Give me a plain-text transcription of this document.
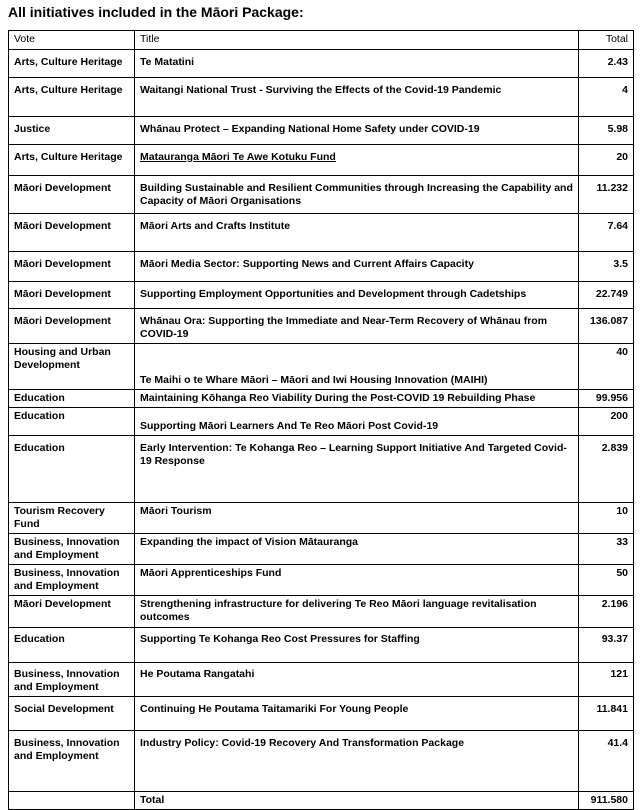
All initiatives included in the Māori Package:
Vote	Title	Total
Arts, Culture Heritage	Te Matatini	2.43
Arts, Culture Heritage	Waitangi National Trust - Surviving the Effects of the Covid-19 Pandemic	4
Justice	Whānau Protect – Expanding National Home Safety under COVID-19	5.98
Arts, Culture Heritage	Matauranga Māori Te Awe Kotuku Fund	20
Māori Development	Building Sustainable and Resilient Communities through Increasing the Capability and Capacity of Māori Organisations	11.232
Māori Development	Māori Arts and Crafts Institute	7.64
Māori Development	Māori Media Sector: Supporting News and Current Affairs Capacity	3.5
Māori Development	Supporting Employment Opportunities and Development through Cadetships	22.749
Māori Development	Whānau Ora: Supporting the Immediate and Near-Term Recovery of Whānau from COVID-19	136.087
Housing and Urban Development	Te Maihi o te Whare Māori – Māori and Iwi Housing Innovation (MAIHI)	40
Education	Maintaining Kōhanga Reo Viability During the Post-COVID 19 Rebuilding Phase	99.956
Education	Supporting Māori Learners And Te Reo Māori Post Covid-19	200
Education	Early Intervention: Te Kohanga Reo – Learning Support Initiative And Targeted Covid-19 Response	2.839
Tourism Recovery Fund	Māori Tourism	10
Business, Innovation and Employment	Expanding the impact of Vision Mātauranga	33
Business, Innovation and Employment	Māori Apprenticeships Fund	50
Māori Development	Strengthening infrastructure for delivering Te Reo Māori language revitalisation outcomes	2.196
Education	Supporting Te Kohanga Reo Cost Pressures for Staffing	93.37
Business, Innovation and Employment	He Poutama Rangatahi	121
Social Development	Continuing He Poutama Taitamariki For Young People	11.841
Business, Innovation and Employment	Industry Policy: Covid-19 Recovery And Transformation Package	41.4
	Total	911.580
